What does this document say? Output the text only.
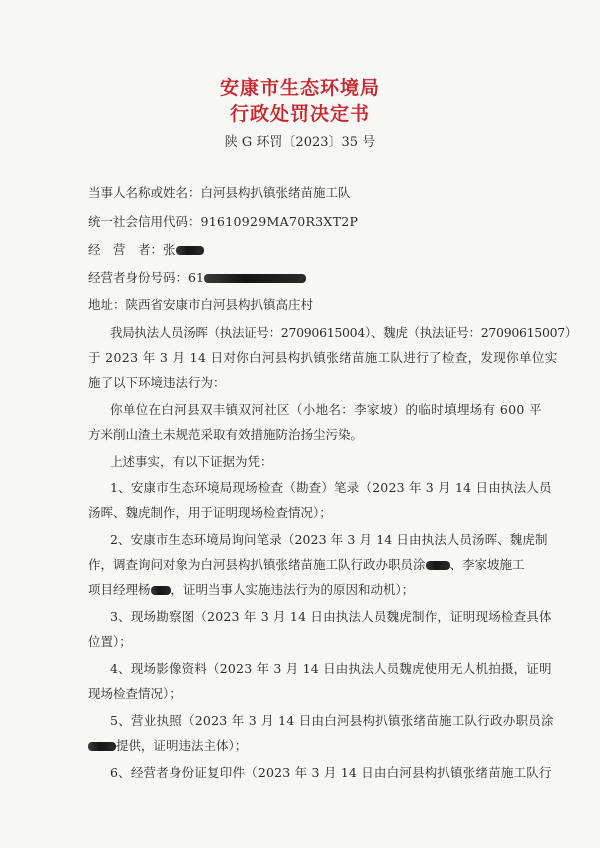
安康市生态环境局
行政处罚决定书
陕 G 环罚〔2023〕35 号
当事人名称或姓名：白河县构扒镇张绪苗施工队
统一社会信用代码：91610929MA70R3XT2P
经　营　者：张
经营者身份号码：61
地址：陕西省安康市白河县构扒镇高庄村
我局执法人员汤晖（执法证号：27090615004）、魏虎（执法证号：27090615007）
于 2023 年 3 月 14 日对你白河县构扒镇张绪苗施工队进行了检查，发现你单位实
施了以下环境违法行为：
你单位在白河县双丰镇双河社区（小地名：李家坡）的临时填埋场有 600 平
方米削山渣土未规范采取有效措施防治扬尘污染。
上述事实，有以下证据为凭：
1、安康市生态环境局现场检查（勘查）笔录（2023 年 3 月 14 日由执法人员
汤晖、魏虎制作，用于证明现场检查情况）；
2、安康市生态环境局询问笔录（2023 年 3 月 14 日由执法人员汤晖、魏虎制
作，调查询问对象为白河县构扒镇张绪苗施工队行政办职员涂 、李家坡施工
项目经理杨 ，证明当事人实施违法行为的原因和动机）；
3、现场勘察图（2023 年 3 月 14 日由执法人员魏虎制作，证明现场检查具体
位置）；
4、现场影像资料（2023 年 3 月 14 日由执法人员魏虎使用无人机拍摄，证明
现场检查情况）；
5、营业执照（2023 年 3 月 14 日由白河县构扒镇张绪苗施工队行政办职员涂
提供，证明违法主体）；
6、经营者身份证复印件（2023 年 3 月 14 日由白河县构扒镇张绪苗施工队行
